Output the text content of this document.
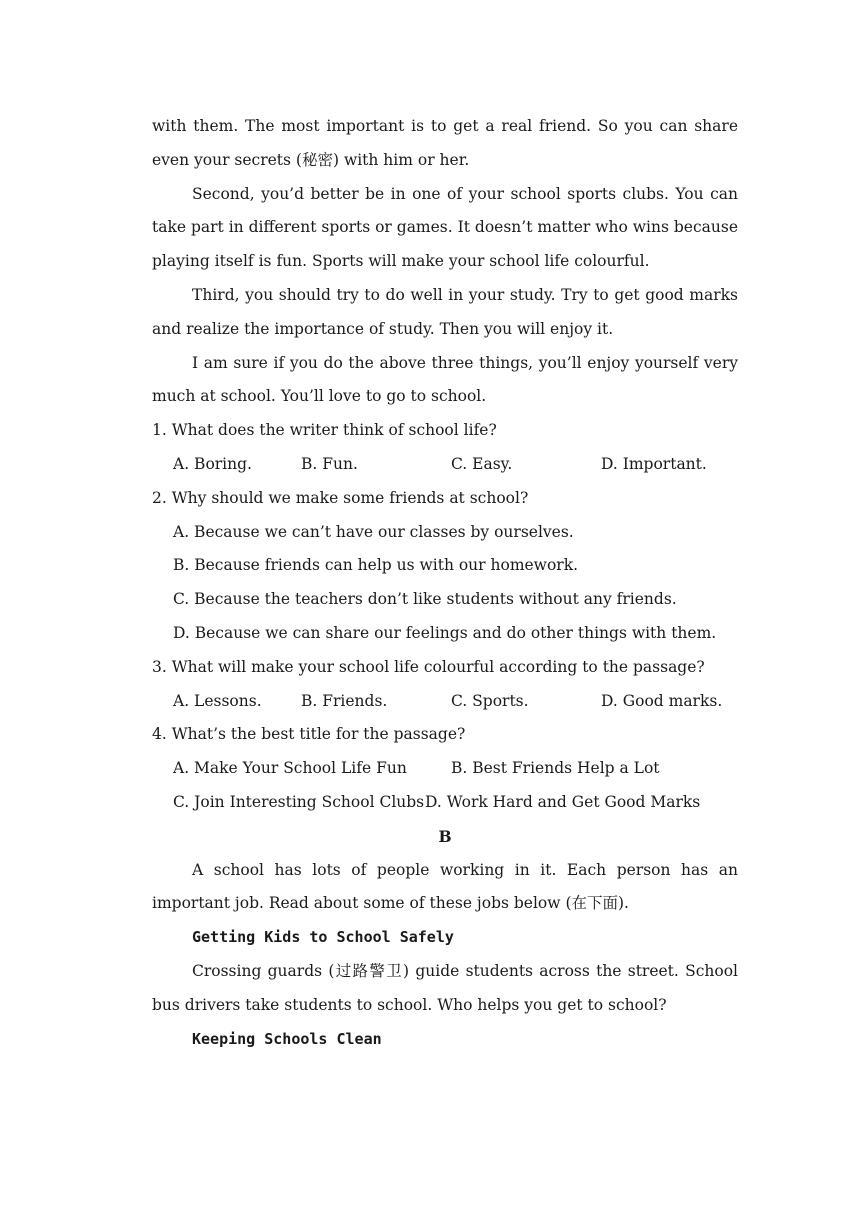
with them. The most important is to get a real friend. So you can share even your secrets (秘密) with him or her.

Second, you’d better be in one of your school sports clubs. You can take part in different sports or games. It doesn’t matter who wins because playing itself is fun. Sports will make your school life colourful.

Third, you should try to do well in your study. Try to get good marks and realize the importance of study. Then you will enjoy it.

I am sure if you do the above three things, you’ll enjoy yourself very much at school. You’ll love to go to school.

1. What does the writer think of school life?

A. Boring.	B. Fun.	C. Easy.	D. Important.

2. Why should we make some friends at school?

A. Because we can’t have our classes by ourselves.

B. Because friends can help us with our homework.

C. Because the teachers don’t like students without any friends.

D. Because we can share our feelings and do other things with them.

3. What will make your school life colourful according to the passage?

A. Lessons.	B. Friends.	C. Sports.	D. Good marks.

4. What’s the best title for the passage?

A. Make Your School Life Fun	B. Best Friends Help a Lot
C. Join Interesting School Clubs D. Work Hard and Get Good Marks

B

A school has lots of people working in it. Each person has an important job. Read about some of these jobs below (在下面).

Getting Kids to School Safely

Crossing guards (过路警卫) guide students across the street. School bus drivers take students to school. Who helps you get to school?

Keeping Schools Clean
